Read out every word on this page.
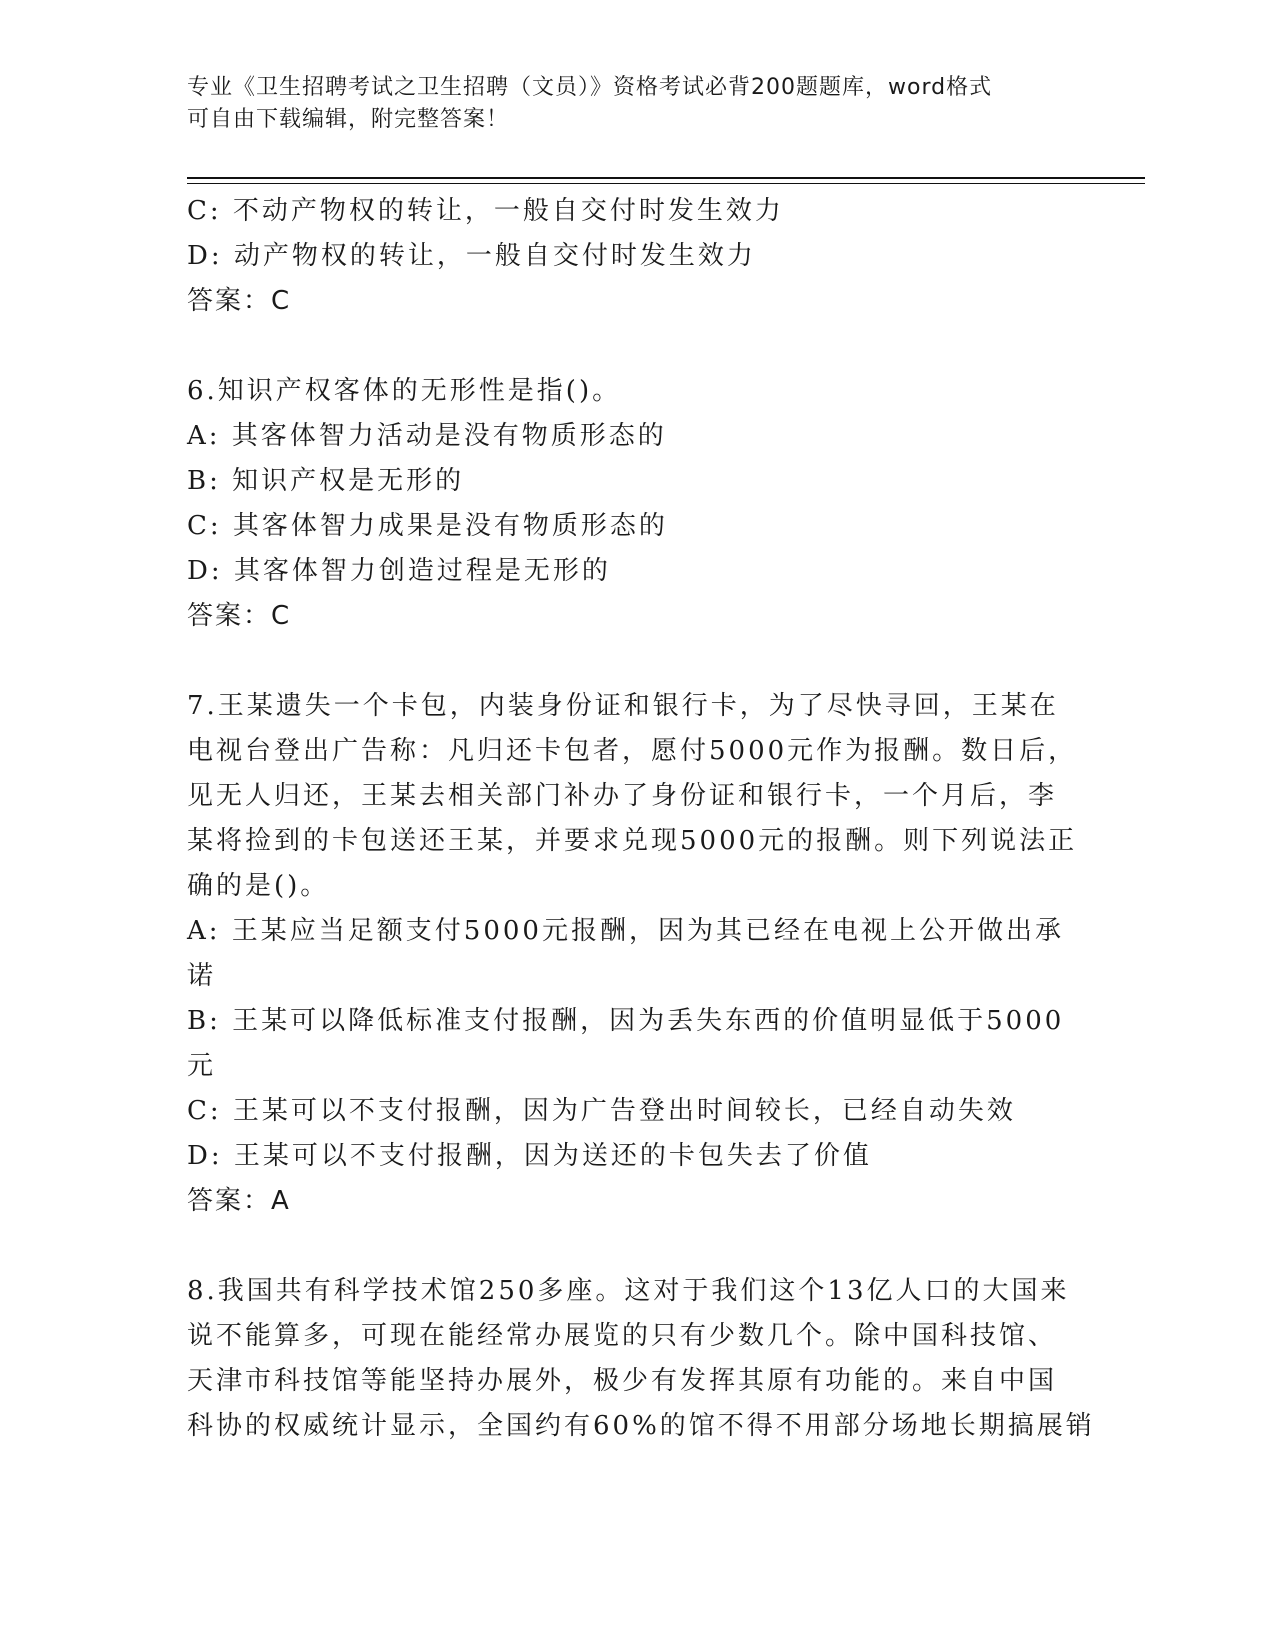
专业《卫生招聘考试之卫生招聘（文员）》资格考试必背200题题库，word格式
可自由下载编辑，附完整答案！
C: 不动产物权的转让，一般自交付时发生效力
D: 动产物权的转让，一般自交付时发生效力
答案：C
6.知识产权客体的无形性是指()。
A: 其客体智力活动是没有物质形态的
B: 知识产权是无形的
C: 其客体智力成果是没有物质形态的
D: 其客体智力创造过程是无形的
答案：C
7.王某遗失一个卡包，内装身份证和银行卡，为了尽快寻回，王某在
电视台登出广告称：凡归还卡包者，愿付5000元作为报酬。数日后，
见无人归还，王某去相关部门补办了身份证和银行卡，一个月后，李
某将捡到的卡包送还王某，并要求兑现5000元的报酬。则下列说法正
确的是()。
A: 王某应当足额支付5000元报酬，因为其已经在电视上公开做出承
诺
B: 王某可以降低标准支付报酬，因为丢失东西的价值明显低于5000
元
C: 王某可以不支付报酬，因为广告登出时间较长，已经自动失效
D: 王某可以不支付报酬，因为送还的卡包失去了价值
答案：A
8.我国共有科学技术馆250多座。这对于我们这个13亿人口的大国来
说不能算多，可现在能经常办展览的只有少数几个。除中国科技馆、
天津市科技馆等能坚持办展外，极少有发挥其原有功能的。来自中国
科协的权威统计显示，全国约有60%的馆不得不用部分场地长期搞展销
